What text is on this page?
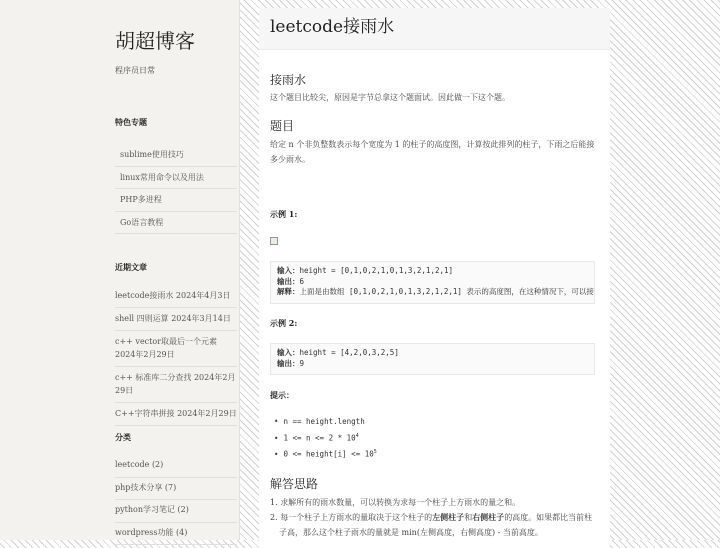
胡超博客
程序员日常
特色专题
sublime使用技巧
linux常用命令以及用法
PHP多进程
Go语言教程
近期文章
leetcode接雨水 2024年4月3日
shell 四则运算 2024年3月14日
c++ vector取最后一个元素 2024年2月29日
c++ 标准库二分查找 2024年2月29日
C++字符串拼接 2024年2月29日
分类
leetcode (2)
php技术分享 (7)
python学习笔记 (2)
wordpress功能 (4)
leetcode接雨水
接雨水
这个题目比较尖，原因是字节总拿这个题面试。因此做一下这个题。
题目
给定 n 个非负整数表示每个宽度为 1 的柱子的高度图，计算按此排列的柱子，下雨之后能接多少雨水。
示例 1:
输入：height = [0,1,0,2,1,0,1,3,2,1,2,1]
输出：6
解释：上面是由数组 [0,1,0,2,1,0,1,3,2,1,2,1] 表示的高度图，在这种情况下，可以接
示例 2:
输入：height = [4,2,0,3,2,5]
输出：9
提示：
• n == height.length
• $1 <= n <= 2 * 10^4$
• 0 <= height[i] <= $10^5$
解答思路
1. 求解所有的雨水数量，可以转换为求每一个柱子上方雨水的量之和。
2. 每一个柱子上方雨水的量取决于这个柱子的左侧柱子和右侧柱子的高度。如果都比当前柱子高，那么这个柱子雨水的量就是 min(左侧高度，右侧高度) - 当前高度。
